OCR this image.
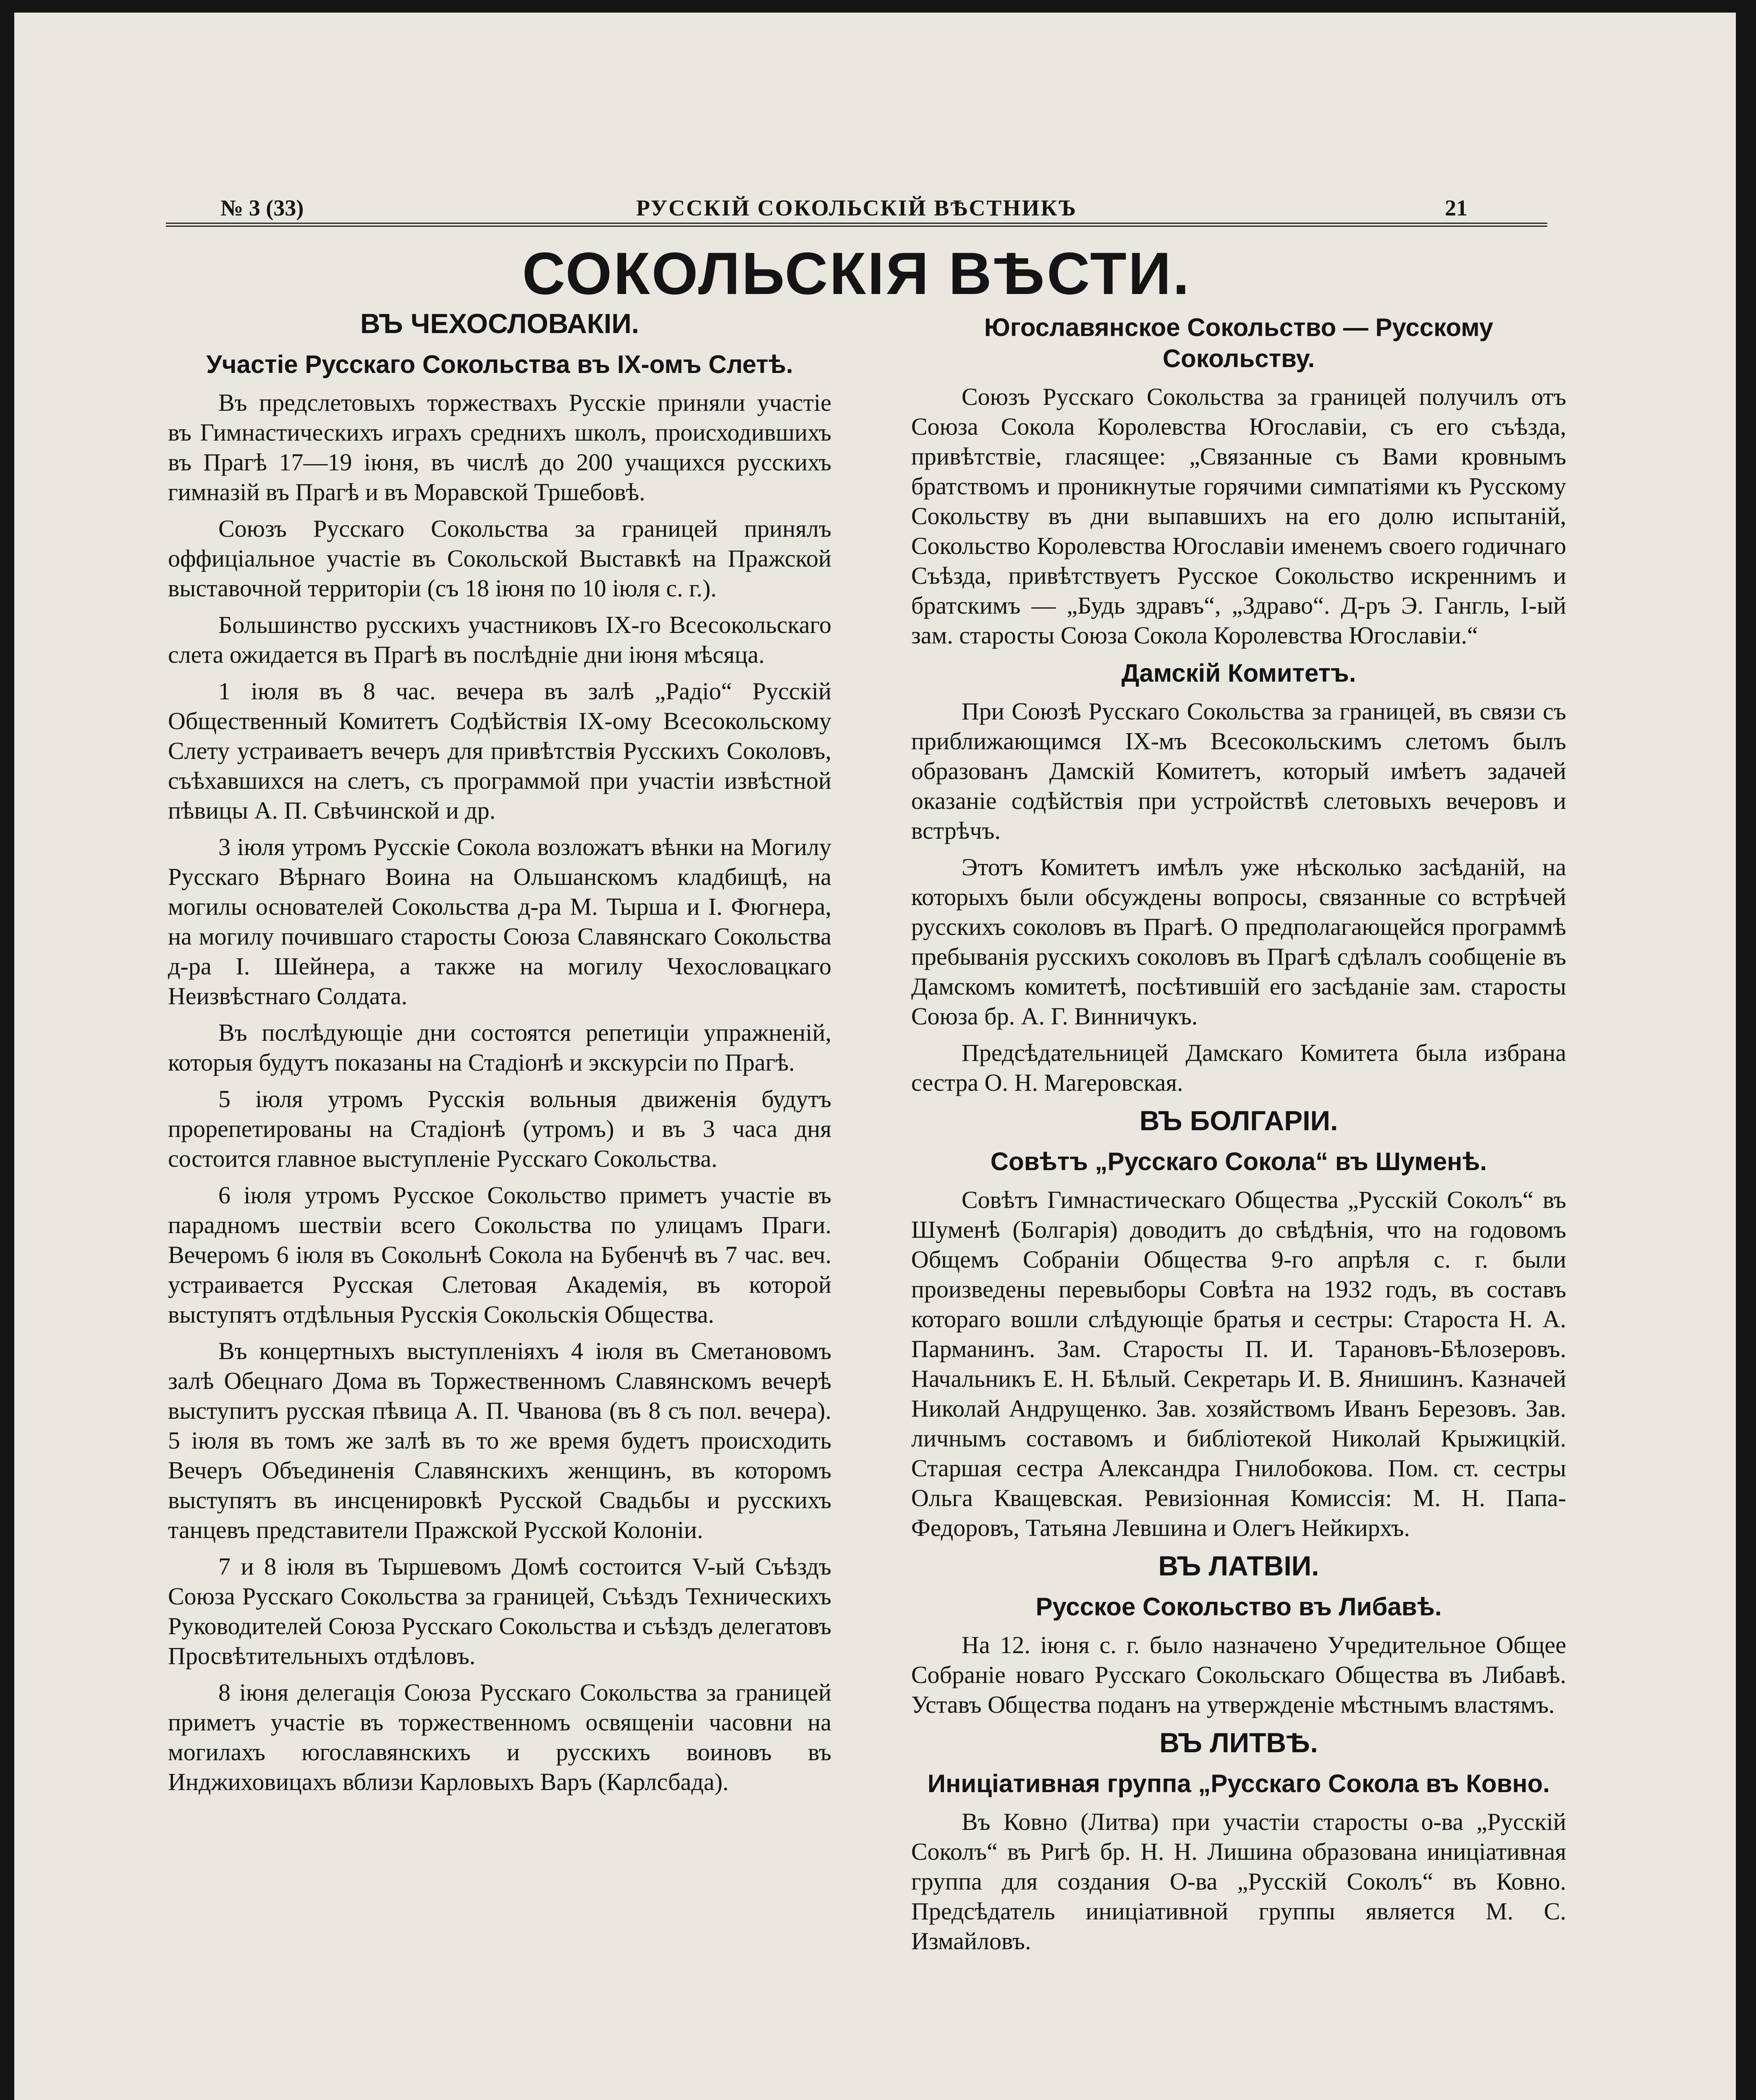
№ 3 (33)	РУССКІЙ СОКОЛЬСКІЙ ВѢСТНИКЪ	21
СОКОЛЬСКІЯ ВѢСТИ.
ВЪ ЧЕХОСЛОВАКІИ.
Участіе Русскаго Сокольства въ IX-омъ Слетѣ.

Въ предслетовыхъ торжествахъ Русскіе приняли участіе въ Гимнастическихъ играхъ среднихъ школъ, происходившихъ въ Прагѣ 17—19 іюня, въ числѣ до 200 учащихся русскихъ гимназій въ Прагѣ и въ Моравской Тршебовѣ.

Союзъ Русскаго Сокольства за границей принялъ оффиціальное участіе въ Сокольской Выставкѣ на Пражской выставочной территоріи (съ 18 іюня по 10 іюля с. г.).

Большинство русскихъ участниковъ IX-го Всесокольскаго слета ожидается въ Прагѣ въ послѣдніе дни іюня мѣсяца.

1 іюля въ 8 час. вечера въ залѣ „Радіо“ Русскій Общественный Комитетъ Содѣйствія IX-ому Всесокольскому Слету устраиваетъ вечеръ для привѣтствія Русскихъ Соколовъ, съѣхавшихся на слетъ, съ программой при участіи извѣстной пѣвицы А. П. Свѣчинской и др.

3 іюля утромъ Русскіе Сокола возложатъ вѣнки на Могилу Русскаго Вѣрнаго Воина на Ольшанскомъ кладбищѣ, на могилы основателей Сокольства д-ра М. Тырша и І. Фюгнера, на могилу почившаго старосты Союза Славянскаго Сокольства д-ра І. Шейнера, а также на могилу Чехословацкаго Неизвѣстнаго Солдата.

Въ послѣдующіе дни состоятся репетиціи упражненій, которыя будутъ показаны на Стадіонѣ и экскурсіи по Прагѣ.

5 іюля утромъ Русскія вольныя движенія будутъ прорепетированы на Стадіонѣ (утромъ) и въ 3 часа дня состоится главное выступленіе Русскаго Сокольства.

6 іюля утромъ Русское Сокольство приметъ участіе въ парадномъ шествіи всего Сокольства по улицамъ Праги. Вечеромъ 6 іюля въ Сокольнѣ Сокола на Бубенчѣ въ 7 час. веч. устраивается Русская Слетовая Академія, въ которой выступятъ отдѣльныя Русскія Сокольскія Общества.

Въ концертныхъ выступленіяхъ 4 іюля въ Сметановомъ залѣ Обецнаго Дома въ Торжественномъ Славянскомъ вечерѣ выступитъ русская пѣвица А. П. Чванова (въ 8 съ пол. вечера). 5 іюля въ томъ же залѣ въ то же время будетъ происходить Вечеръ Объединенія Славянскихъ женщинъ, въ которомъ выступятъ въ инсценировкѣ Русской Свадьбы и русскихъ танцевъ представители Пражской Русской Колоніи.

7 и 8 іюля въ Тыршевомъ Домѣ состоится V-ый Съѣздъ Союза Русскаго Сокольства за границей, Съѣздъ Техническихъ Руководителей Союза Русскаго Сокольства и съѣздъ делегатовъ Просвѣтительныхъ отдѣловъ.

8 іюня делегація Союза Русскаго Сокольства за границей приметъ участіе въ торжественномъ освященіи часовни на могилахъ югославянскихъ и русскихъ воиновъ въ Инджиховицахъ вблизи Карловыхъ Варъ (Карлсбада).

Югославянское Сокольство — Русскому Сокольству.

Союзъ Русскаго Сокольства за границей получилъ отъ Союза Сокола Королевства Югославіи, съ его съѣзда, привѣтствіе, гласящее: „Связанные съ Вами кровнымъ братствомъ и проникнутые горячими симпатіями къ Русскому Сокольству въ дни выпавшихъ на его долю испытаній, Сокольство Королевства Югославіи именемъ своего годичнаго Съѣзда, привѣтствуетъ Русское Сокольство искреннимъ и братскимъ — „Будь здравъ“, „Здраво“. Д-ръ Э. Гангль, І-ый зам. старосты Союза Сокола Королевства Югославіи.“

Дамскій Комитетъ.

При Союзѣ Русскаго Сокольства за границей, въ связи съ приближающимся IX-мъ Всесокольскимъ слетомъ былъ образованъ Дамскій Комитетъ, который имѣетъ задачей оказаніе содѣйствія при устройствѣ слетовыхъ вечеровъ и встрѣчъ.

Этотъ Комитетъ имѣлъ уже нѣсколько засѣданій, на которыхъ были обсуждены вопросы, связанные со встрѣчей русскихъ соколовъ въ Прагѣ. О предполагающейся программѣ пребыванія русскихъ соколовъ въ Прагѣ сдѣлалъ сообщеніе въ Дамскомъ комитетѣ, посѣтившій его засѣданіе зам. старосты Союза бр. А. Г. Винничукъ.

Предсѣдательницей Дамскаго Комитета была избрана сестра О. Н. Магеровская.

ВЪ БОЛГАРІИ.
Совѣтъ „Русскаго Сокола“ въ Шуменѣ.

Совѣтъ Гимнастическаго Общества „Русскій Соколъ“ въ Шуменѣ (Болгарія) доводитъ до свѣдѣнія, что на годовомъ Общемъ Собраніи Общества 9-го апрѣля с. г. были произведены перевыборы Совѣта на 1932 годъ, въ составъ котораго вошли слѣдующіе братья и сестры: Староста Н. А. Парманинъ. Зам. Старосты П. И. Тарановъ-Бѣлозеровъ. Начальникъ Е. Н. Бѣлый. Секретарь И. В. Янишинъ. Казначей Николай Андрущенко. Зав. хозяйствомъ Иванъ Березовъ. Зав. личнымъ составомъ и библіотекой Николай Крыжицкій. Старшая сестра Александра Гнилобокова. Пом. ст. сестры Ольга Кващевская. Ревизіонная Комиссія: М. Н. Папа-Федоровъ, Татьяна Левшина и Олегъ Нейкирхъ.

ВЪ ЛАТВІИ.
Русское Сокольство въ Либавѣ.

На 12. іюня с. г. было назначено Учредительное Общее Собраніе новаго Русскаго Сокольскаго Общества въ Либавѣ. Уставъ Общества поданъ на утвержденіе мѣстнымъ властямъ.

ВЪ ЛИТВѢ.
Иниціативная группа „Русскаго Сокола въ Ковно.

Въ Ковно (Литва) при участіи старосты о-ва „Русскій Соколъ“ въ Ригѣ бр. Н. Н. Лишина образована иниціативная группа для создания О-ва „Русскій Соколъ“ въ Ковно. Предсѣдатель иниціативной группы является М. С. Измайловъ.
